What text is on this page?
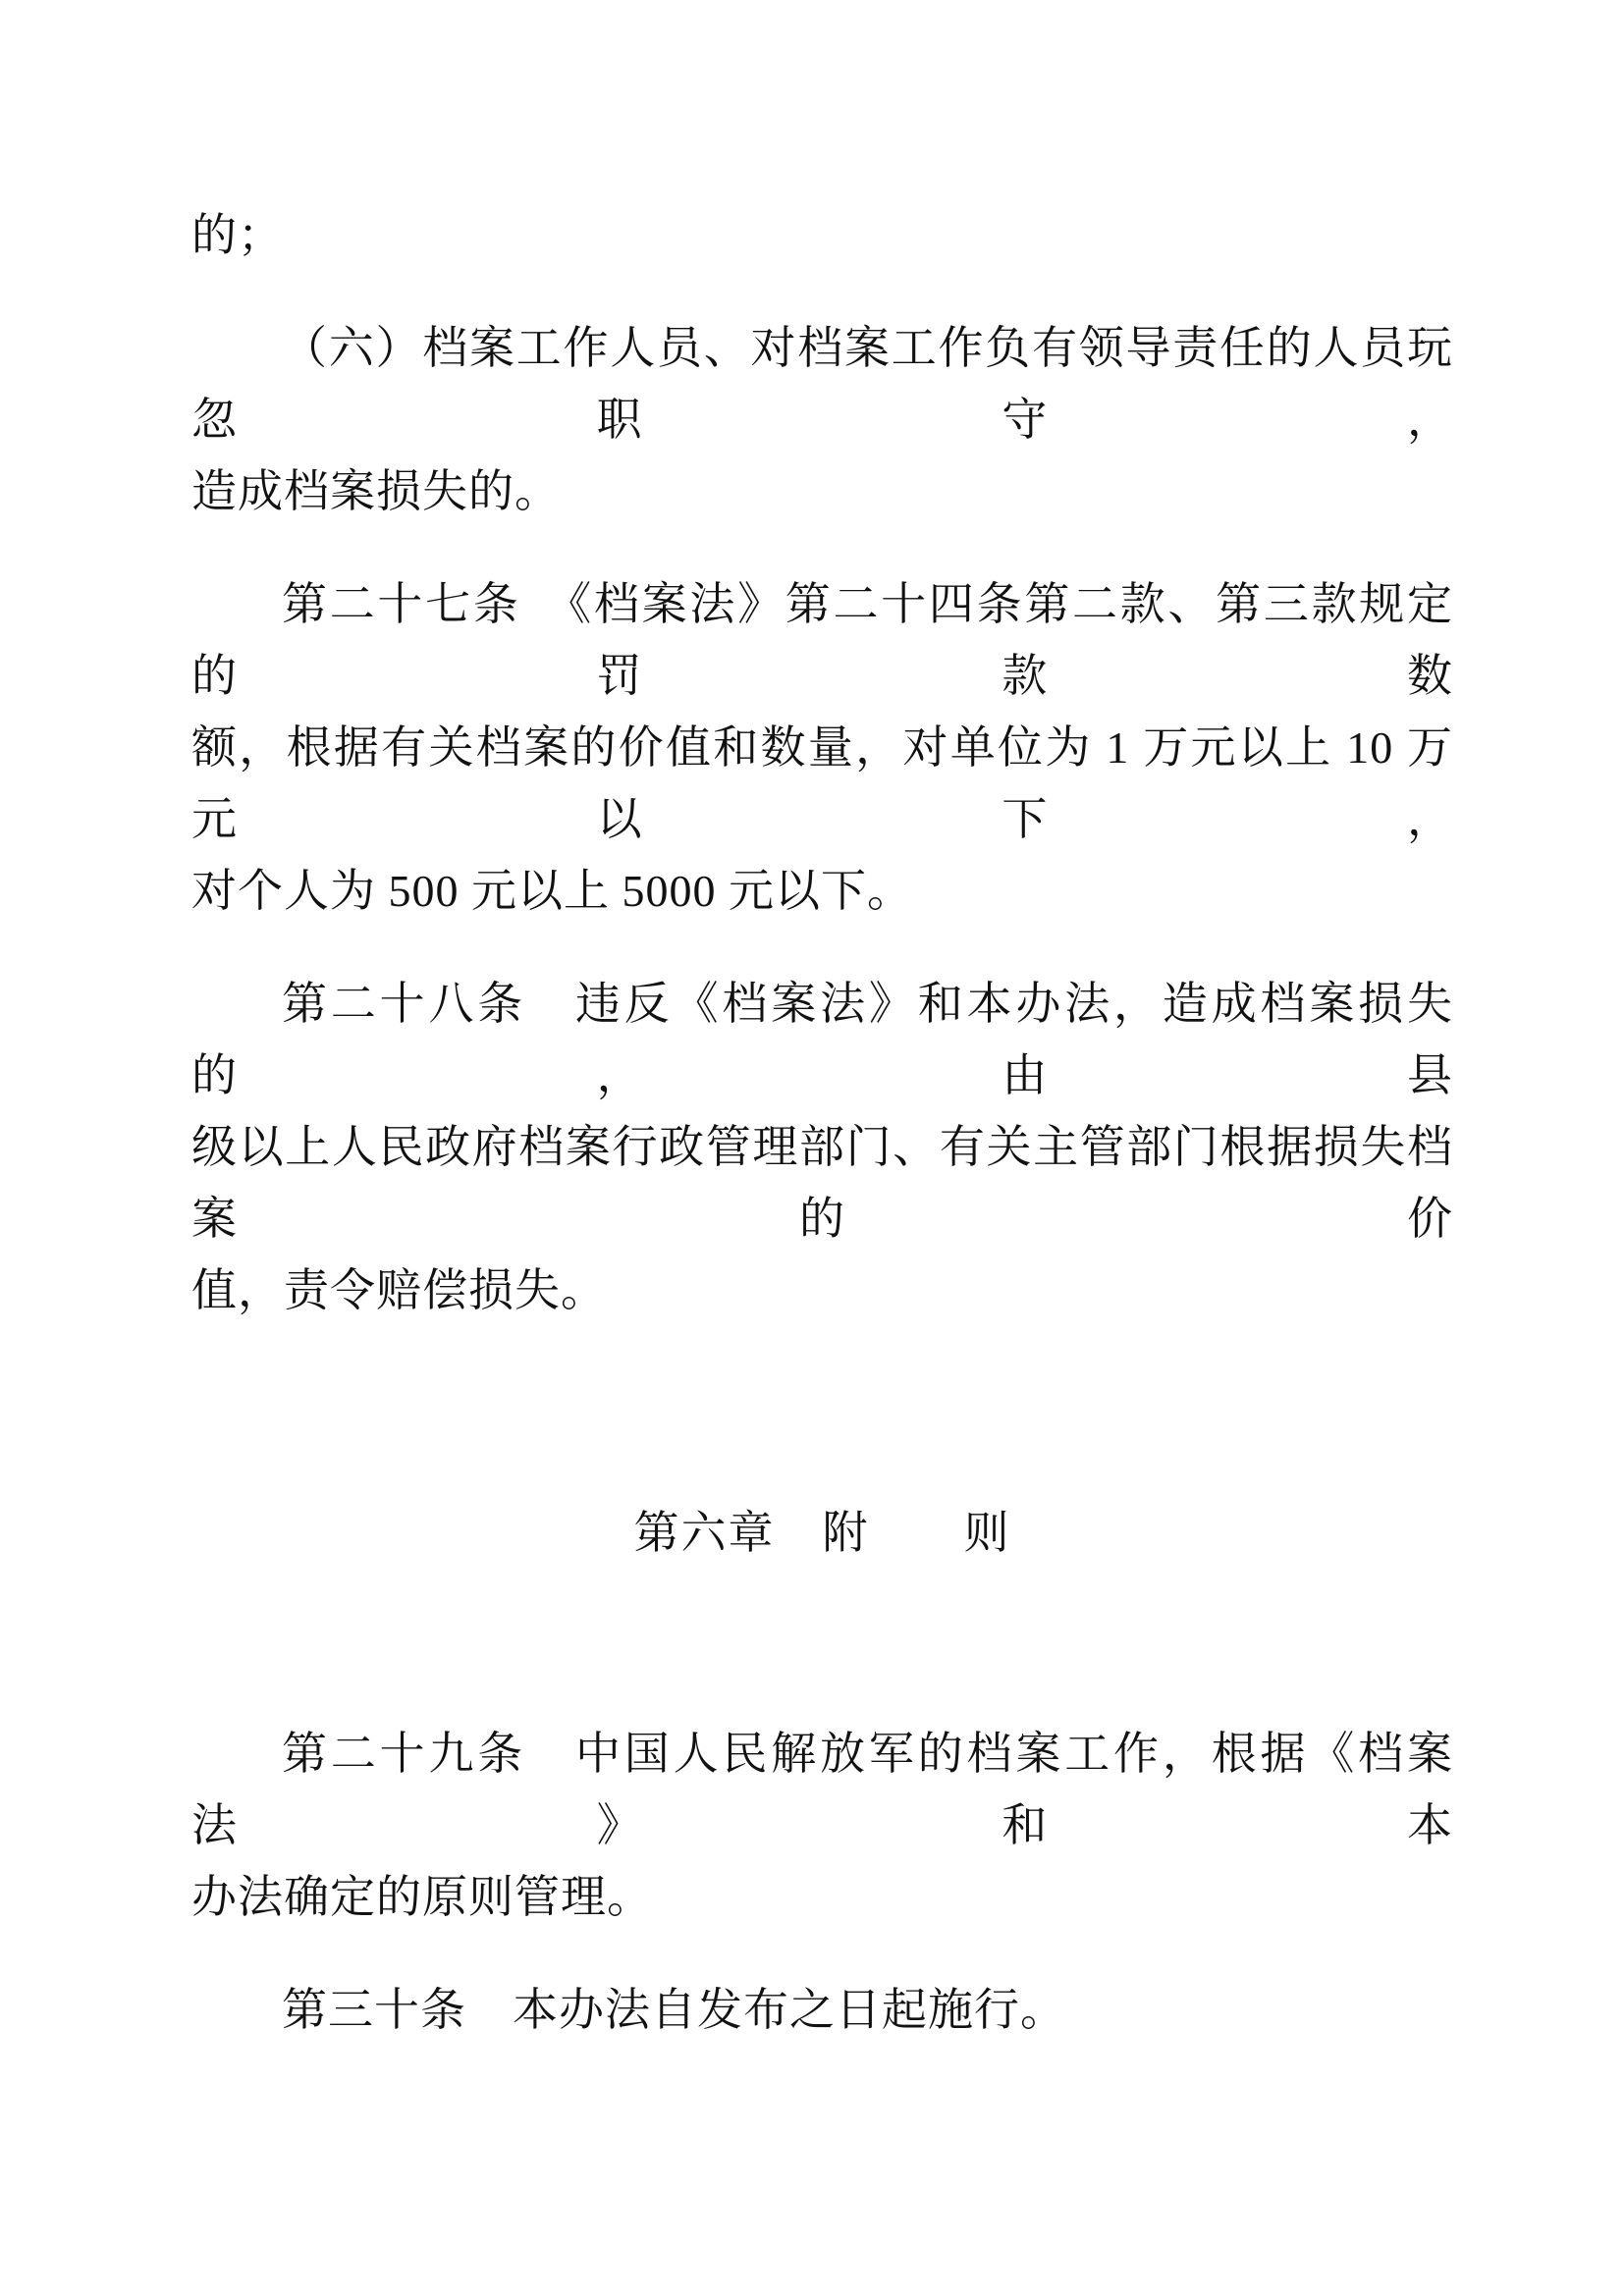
的；
（六）档案工作人员、对档案工作负有领导责任的人员玩忽职守，
造成档案损失的。
第二十七条　《档案法》第二十四条第二款、第三款规定的罚款数
额，根据有关档案的价值和数量，对单位为 1 万元以上 10 万元以下，
对个人为 500 元以上 5000 元以下。
第二十八条　违反《档案法》和本办法，造成档案损失的，由县
级以上人民政府档案行政管理部门、有关主管部门根据损失档案的价
值，责令赔偿损失。
第六章　附　　则
第二十九条　中国人民解放军的档案工作，根据《档案法》和本
办法确定的原则管理。
第三十条　本办法自发布之日起施行。
